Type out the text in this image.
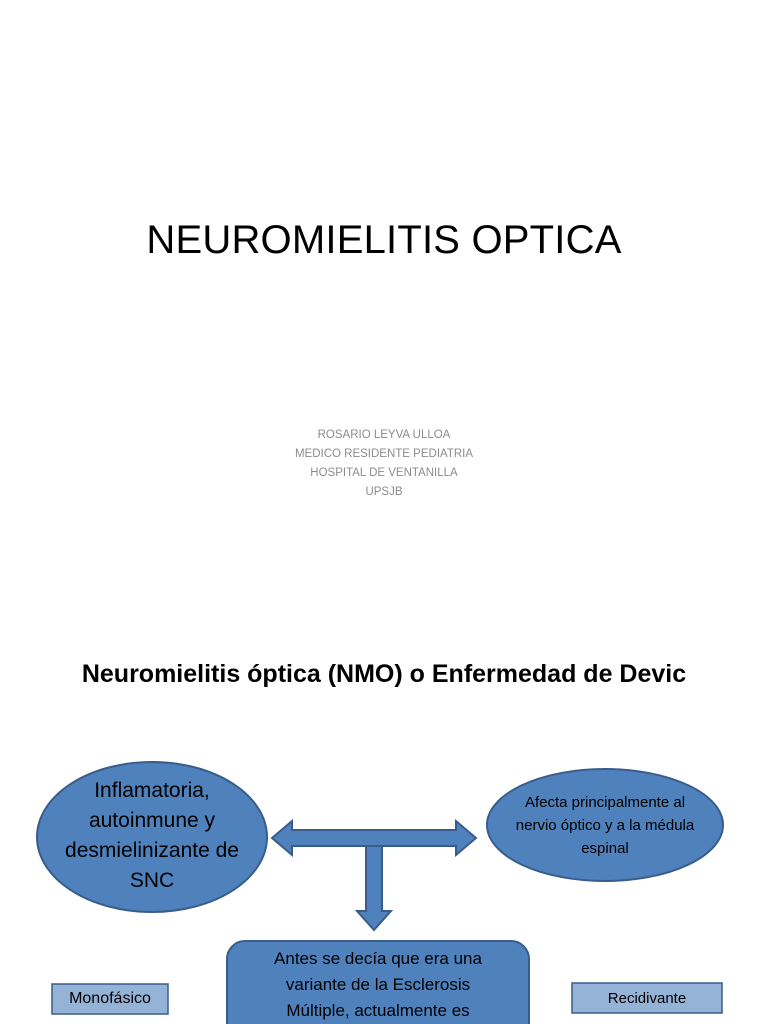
NEUROMIELITIS OPTICA
ROSARIO LEYVA ULLOA
MEDICO RESIDENTE PEDIATRIA
HOSPITAL DE VENTANILLA
UPSJB
Neuromielitis óptica (NMO) o Enfermedad de Devic
Inflamatoria,
autoinmune y
desmielinizante de
SNC
Afecta principalmente al
nervio óptico y a la médula
espinal
Antes se decía que era una
variante de la Esclerosis
Múltiple, actualmente es
Monofásico	Recidivante
